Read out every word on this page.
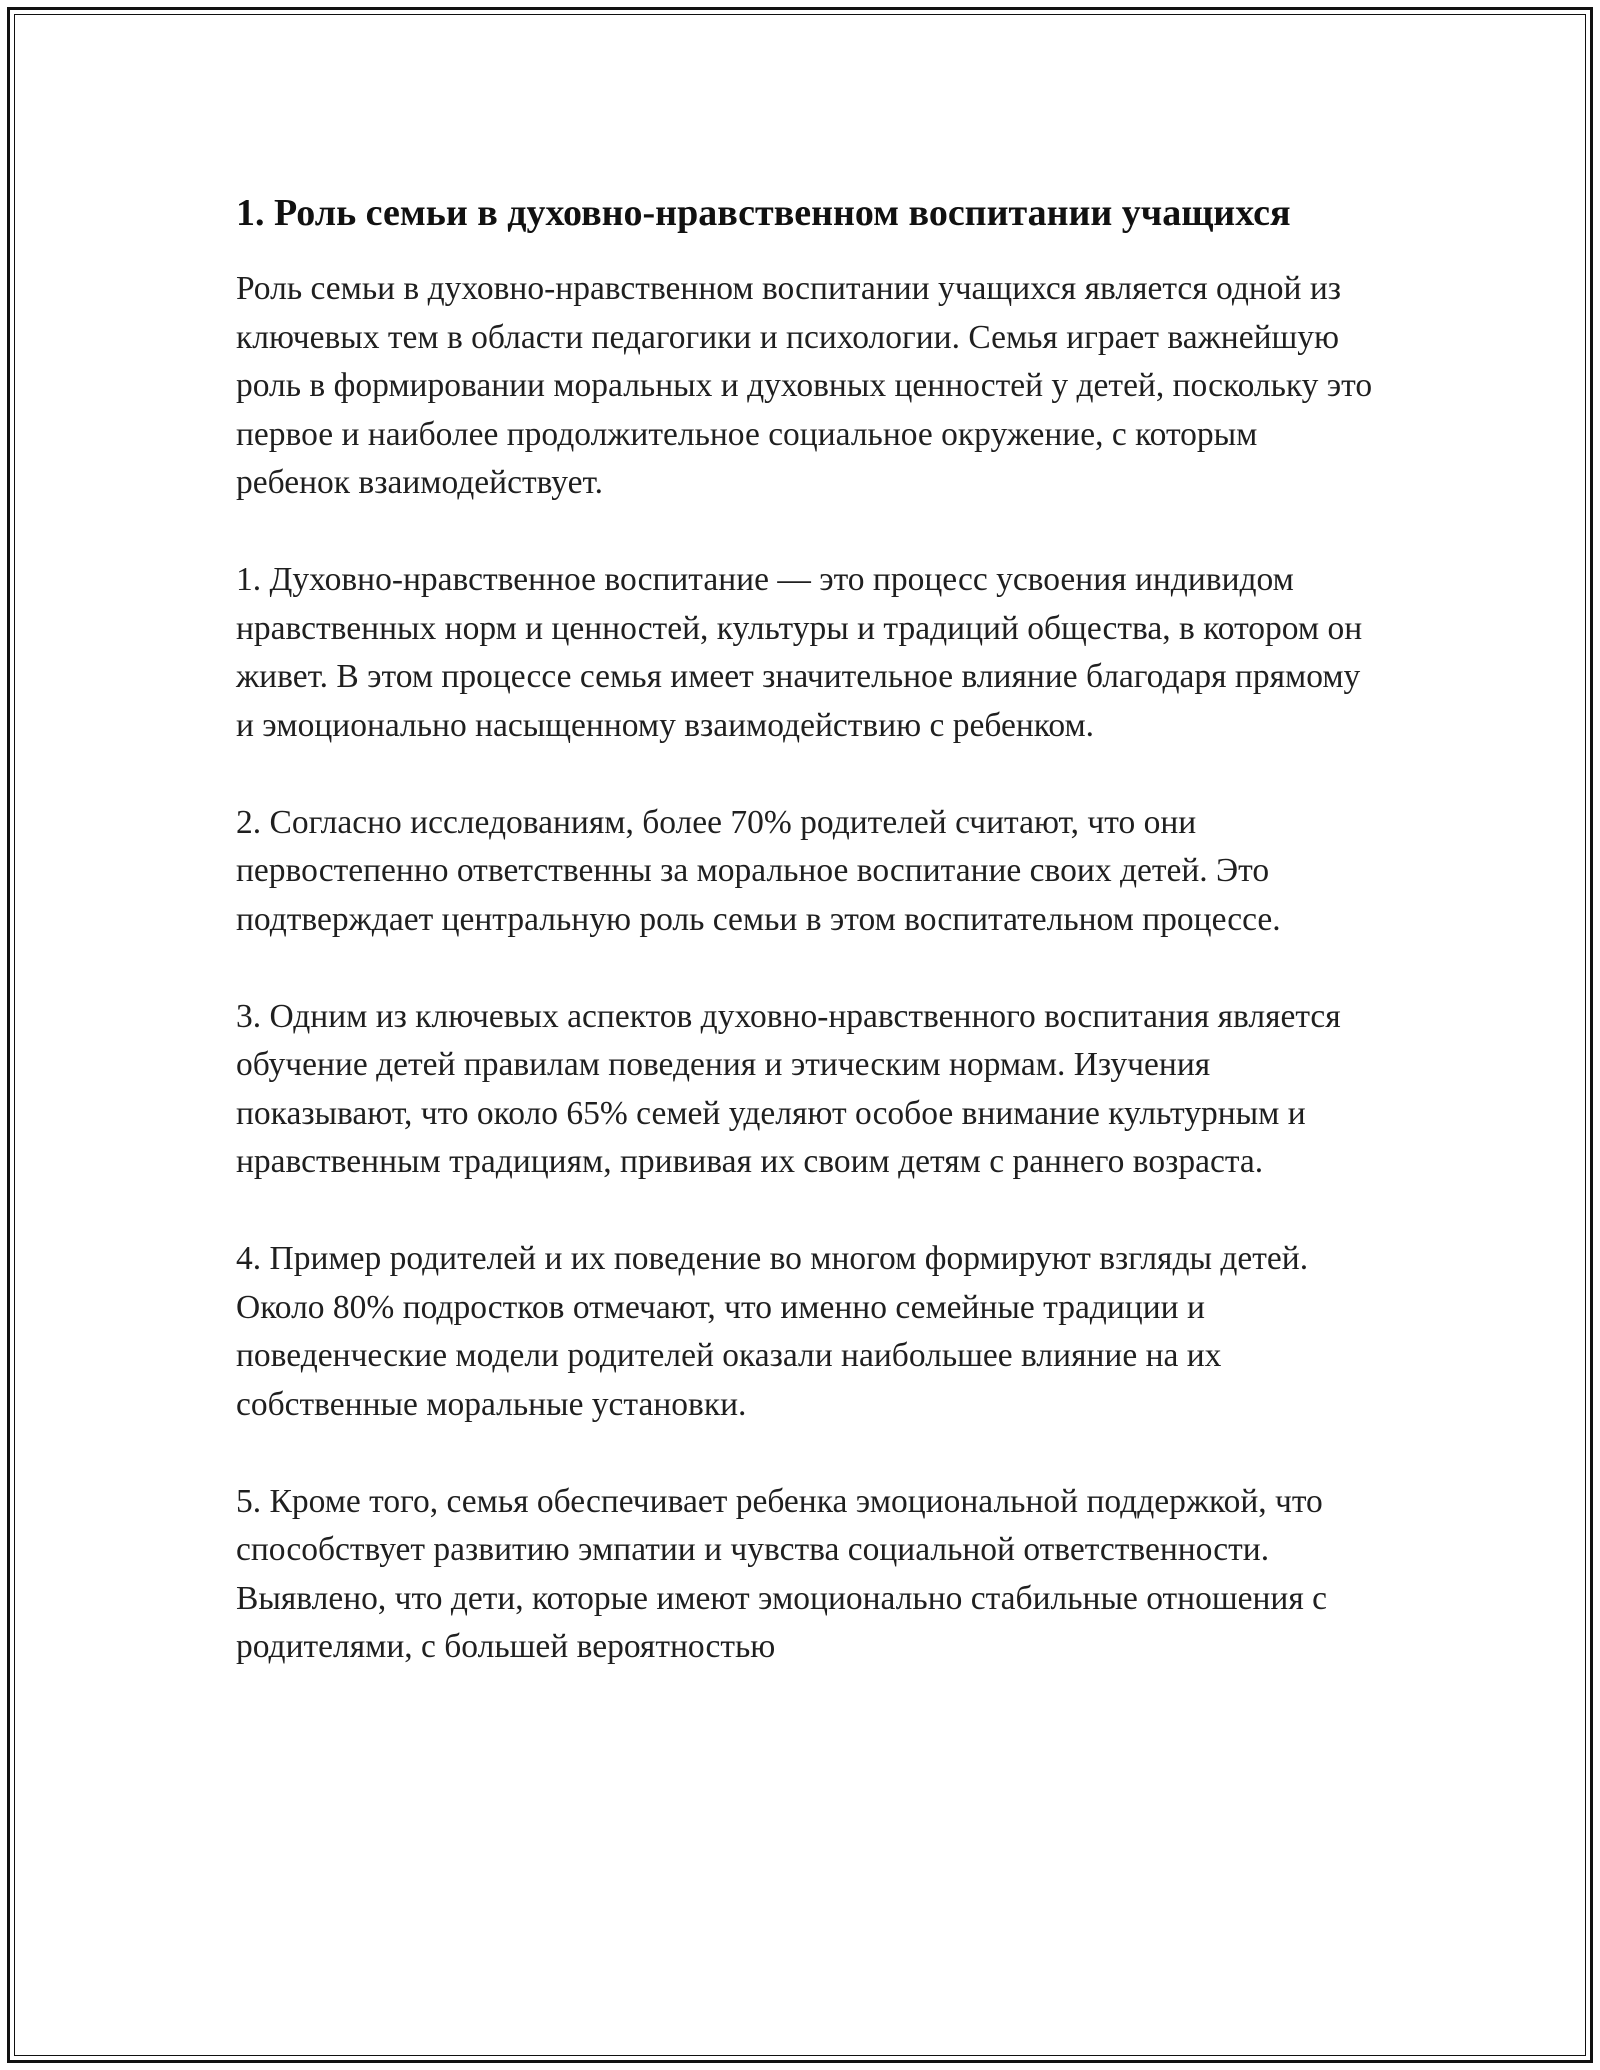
1. Роль семьи в духовно-нравственном воспитании учащихся

Роль семьи в духовно-нравственном воспитании учащихся является одной из ключевых тем в области педагогики и психологии. Семья играет важнейшую роль в формировании моральных и духовных ценностей у детей, поскольку это первое и наиболее продолжительное социальное окружение, с которым ребенок взаимодействует.

1. Духовно-нравственное воспитание — это процесс усвоения индивидом нравственных норм и ценностей, культуры и традиций общества, в котором он живет. В этом процессе семья имеет значительное влияние благодаря прямому и эмоционально насыщенному взаимодействию с ребенком.

2. Согласно исследованиям, более 70% родителей считают, что они первостепенно ответственны за моральное воспитание своих детей. Это подтверждает центральную роль семьи в этом воспитательном процессе.

3. Одним из ключевых аспектов духовно-нравственного воспитания является обучение детей правилам поведения и этическим нормам. Изучения показывают, что около 65% семей уделяют особое внимание культурным и нравственным традициям, прививая их своим детям с раннего возраста.

4. Пример родителей и их поведение во многом формируют взгляды детей. Около 80% подростков отмечают, что именно семейные традиции и поведенческие модели родителей оказали наибольшее влияние на их собственные моральные установки.

5. Кроме того, семья обеспечивает ребенка эмоциональной поддержкой, что способствует развитию эмпатии и чувства социальной ответственности. Выявлено, что дети, которые имеют эмоционально стабильные отношения с родителями, с большей вероятностью
